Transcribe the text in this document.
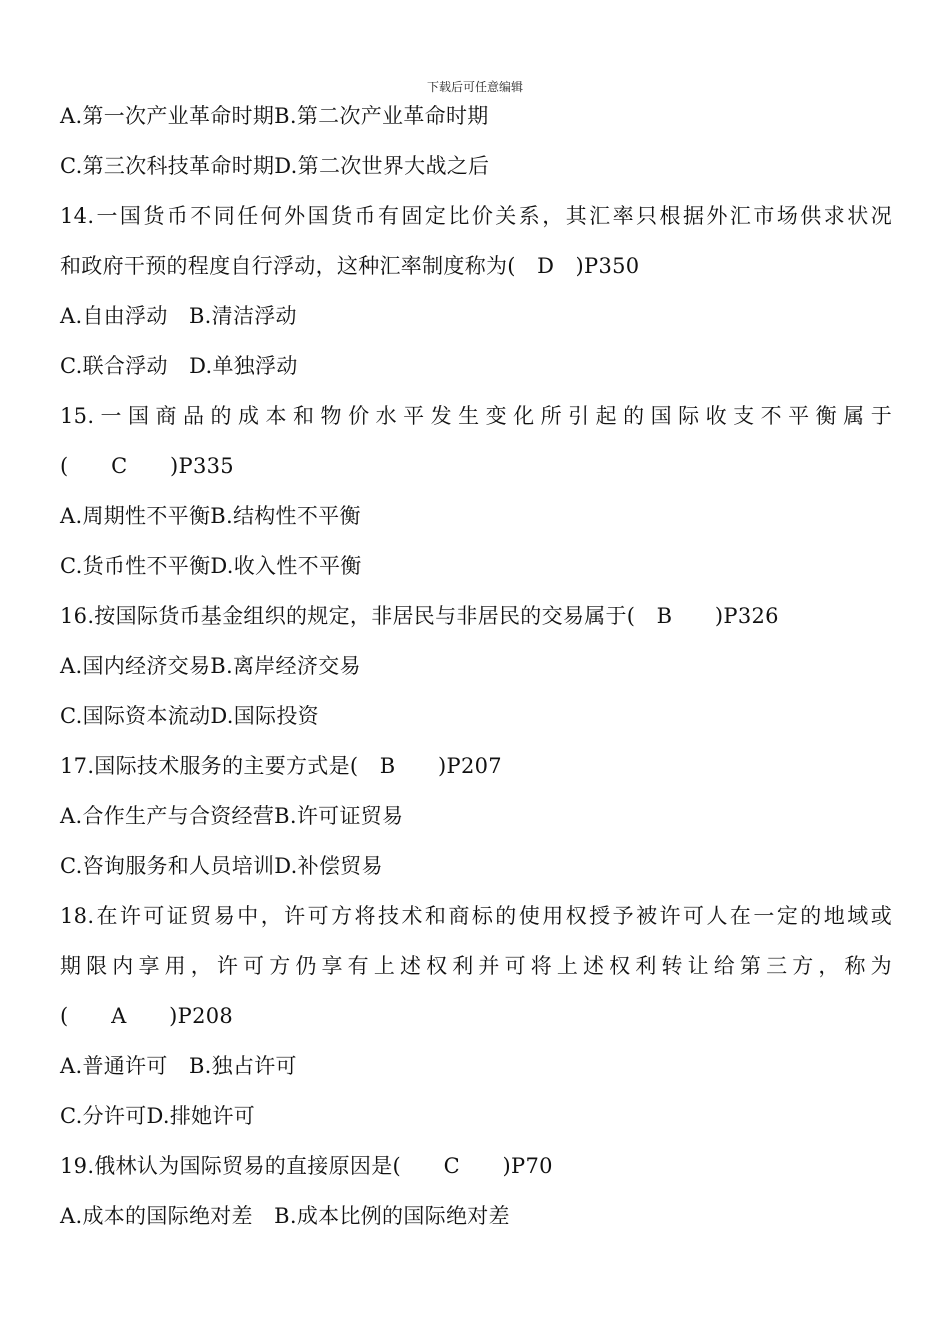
下载后可任意编辑
A.第一次产业革命时期B.第二次产业革命时期
C.第三次科技革命时期D.第二次世界大战之后
14.一国货币不同任何外国货币有固定比价关系，其汇率只根据外汇市场供求状况
和政府干预的程度自行浮动，这种汇率制度称为(　D　)P350
A.自由浮动　B.清洁浮动
C.联合浮动　D.单独浮动
15.一国商品的成本和物价水平发生变化所引起的国际收支不平衡属于
(　　C　　)P335
A.周期性不平衡B.结构性不平衡
C.货币性不平衡D.收入性不平衡
16.按国际货币基金组织的规定，非居民与非居民的交易属于(　B　　)P326
A.国内经济交易B.离岸经济交易
C.国际资本流动D.国际投资
17.国际技术服务的主要方式是(　B　　)P207
A.合作生产与合资经营B.许可证贸易
C.咨询服务和人员培训D.补偿贸易
18.在许可证贸易中，许可方将技术和商标的使用权授予被许可人在一定的地域或
期限内享用，许可方仍享有上述权利并可将上述权利转让给第三方，称为
(　　A　　)P208
A.普通许可　B.独占许可
C.分许可D.排她许可
19.俄林认为国际贸易的直接原因是(　　C　　)P70
A.成本的国际绝对差　B.成本比例的国际绝对差
